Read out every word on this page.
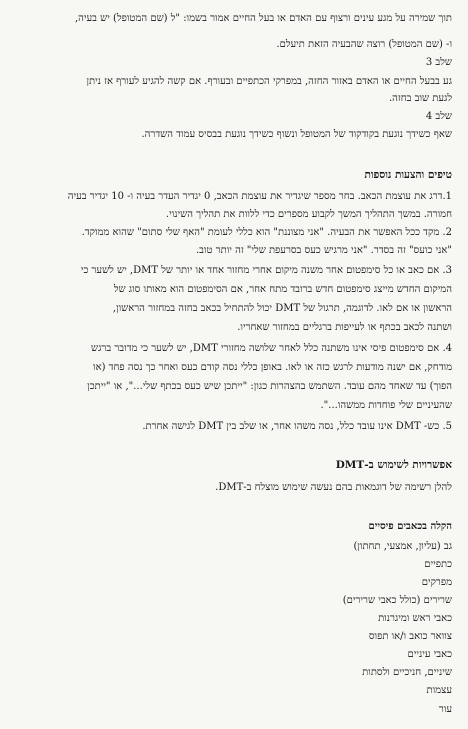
תוך שמירה על מגע עינים ורצוף עם האדם או בעל החיים אמור בשמו: "ל (שם המטופל) יש בעיה,

ו- (שם המטופל) רוצה שהבעיה הזאת תיעלם.

שלב 3

גע בבעל החיים או האדם באזור החזה, במפרקי הכתפיים ובעורף. אם קשה להגיע לעורף אז ניתן

לגעת שוב בחזה.

שלב 4

שאף כשידך נוגעת בקודקוד של המטופל ונשוף כשידך נוגעת בבסיס עמוד השדרה.

טיפים והצעות נוספות

1.דרג את עוצמת הכאב. בחר מספר שיגדיר את עוצמת הכאב, 0 יגדיר העדר בעיה ו- 10 יגדיר בעיה

חמורה. במשך התהליך המשך לקבוע מספרים כדי ללוות את תהליך השינוי.

2. מקד ככל האפשר את הבעיה. "אני מצוננת" הוא כללי לעומת "האף שלי סתום" שהוא ממוקד.

"אני כועס" זה בסדר. "אני מרגיש כעס בסרעפת שלי" זה יותר טוב.

3. אם כאב או כל סימפטום אחר משנה מיקום אחרי מחזור אחד או יותר של DMT, יש לשער כי

המיקום החדש מייצג סימפטום חדש ברובד מתח אחר, אם הסימפטום הוא מאותו סוג של

הראשון או אם לאו. לדוגמה, תרגול של DMT יכול להתחיל בכאב בחזה במחזור הראשון,

ושתנה לכאב בכתף או לעייפות ברגליים במחזור שאחריו.

4. אם סימפטום פיסי אינו משתנה כלל לאחר שלושה מחזורי DMT, יש לשער כי מדובר ברגש

מודחק, אם ישנה מודעות לרגש כזה או לאו. באופן כללי נסה קודם כעס ואחר כך נסה פחד (או

הפוך) עד שאחד מהם עובד. השתמש בהצהרות כגון: "ייתכן שיש כעס בכתף שלי...", או "ייתכן

שהעיניים שלי פוחדות ממשהו...".

5. כש- DMT אינו עובד כלל, נסה משהו אחר, או שלב בין DMT לגישה אחרת.

אפשרויות לשימוש ב-DMT

להלן רשימה של דוגמאות בהם נעשה שימוש מוצלח ב-DMT.

הקלה בכאבים פיסיים

גב (עליון, אמצעי, תחתון)

כתפיים

מפרקים

שרירים (כולל כאבי שרירים)

כאבי ראש ומיגרנות

צוואר כואב ו/או תפוס

כאבי עיניים

שיניים, חניכיים ולסתות

עצמות

עור
